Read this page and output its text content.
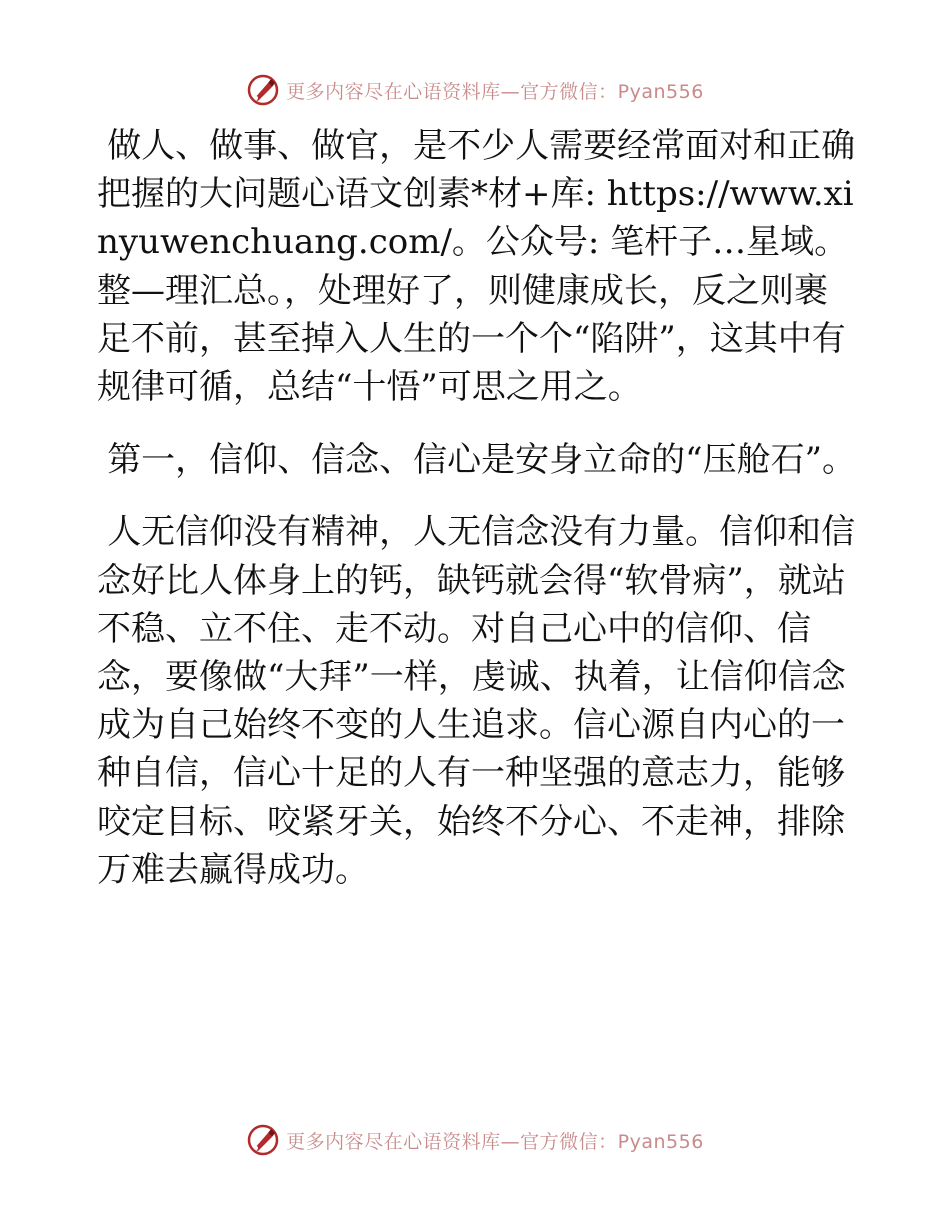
更多内容尽在心语资料库—官方微信：Pyan556

做人、做事、做官，是不少人需要经常面对和正确把握的大问题心语文创素*材+库: https://www.xinyuwenchuang.com/。公众号: 笔杆子…星域。整—理汇总。，处理好了，则健康成长，反之则裹足不前，甚至掉入人生的一个个“陷阱”，这其中有规律可循，总结“十悟”可思之用之。

第一，信仰、信念、信心是安身立命的“压舱石”。

人无信仰没有精神，人无信念没有力量。信仰和信念好比人体身上的钙，缺钙就会得“软骨病”，就站不稳、立不住、走不动。对自己心中的信仰、信念，要像做“大拜”一样，虔诚、执着，让信仰信念成为自己始终不变的人生追求。信心源自内心的一种自信，信心十足的人有一种坚强的意志力，能够咬定目标、咬紧牙关，始终不分心、不走神，排除万难去赢得成功。

更多内容尽在心语资料库—官方微信：Pyan556
